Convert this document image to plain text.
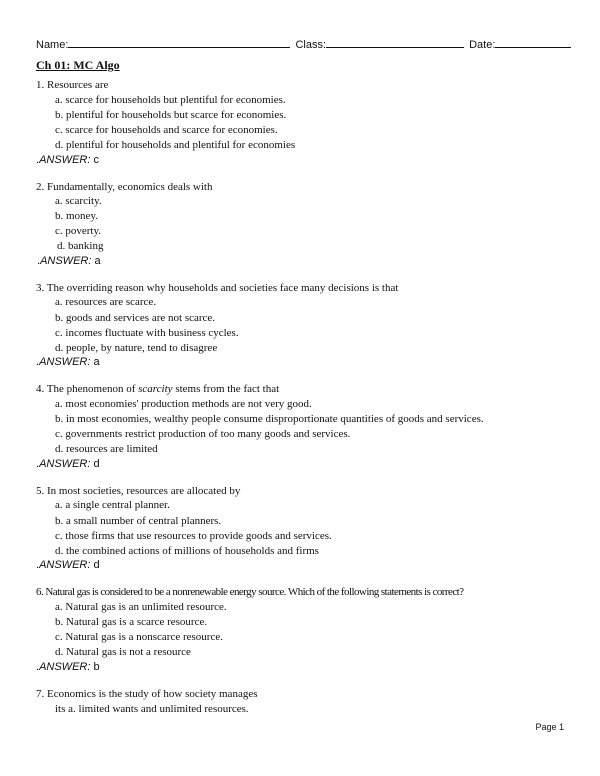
Name:	Class:	Date:
Ch 01: MC Algo
1. Resources are
a. scarce for households but plentiful for economies.
b. plentiful for households but scarce for economies.
c. scarce for households and scarce for economies.
d. plentiful for households and plentiful for economies
.ANSWER: c
2. Fundamentally, economics deals with
a. scarcity.
b. money.
c. poverty.
d. banking
.ANSWER: a
3. The overriding reason why households and societies face many decisions is that
a. resources are scarce.
b. goods and services are not scarce.
c. incomes fluctuate with business cycles.
d. people, by nature, tend to disagree
.ANSWER: a
4. The phenomenon of scarcity stems from the fact that
a. most economies' production methods are not very good.
b. in most economies, wealthy people consume disproportionate quantities of goods and services.
c. governments restrict production of too many goods and services.
d. resources are limited
.ANSWER: d
5. In most societies, resources are allocated by
a. a single central planner.
b. a small number of central planners.
c. those firms that use resources to provide goods and services.
d. the combined actions of millions of households and firms
.ANSWER: d
6. Natural gas is considered to be a nonrenewable energy source. Which of the following statements is correct?
a. Natural gas is an unlimited resource.
b. Natural gas is a scarce resource.
c. Natural gas is a nonscarce resource.
d. Natural gas is not a resource
.ANSWER: b
7. Economics is the study of how society manages
its a. limited wants and unlimited resources.
Page 1
